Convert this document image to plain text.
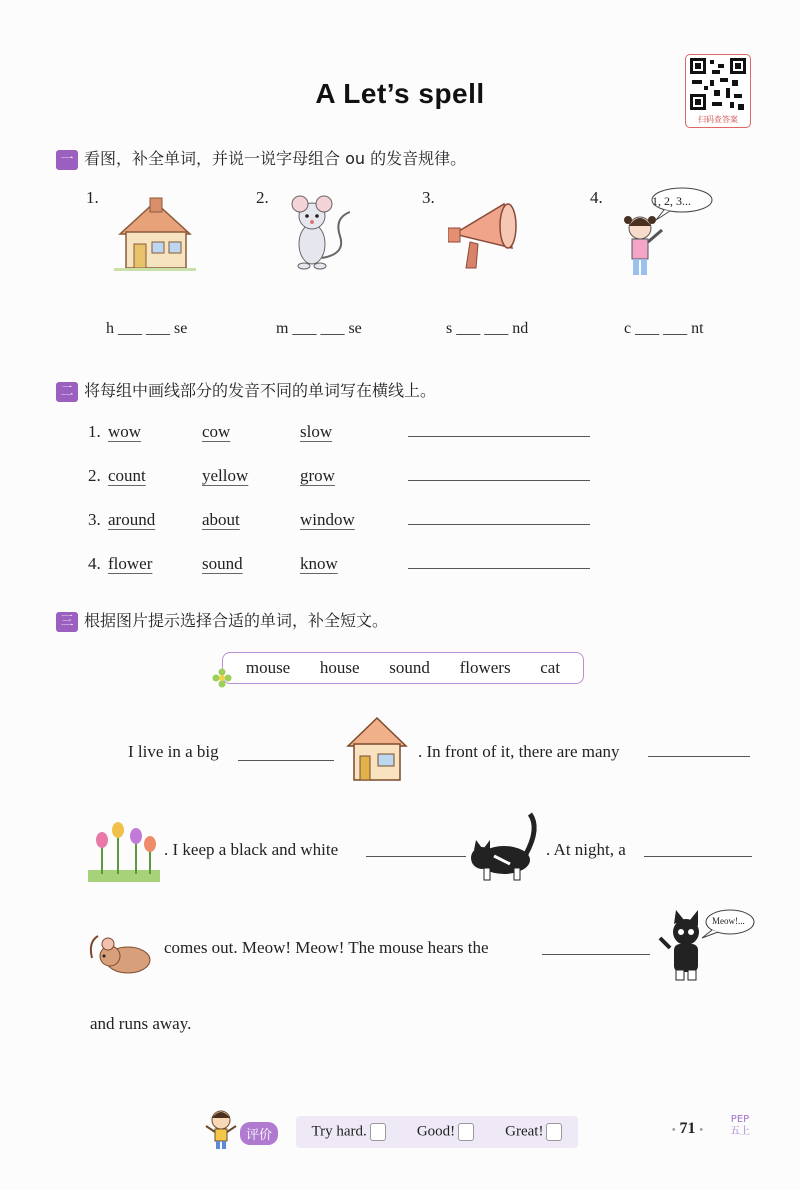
A Let’s spell
扫码查答案
一 看图，补全单词，并说一说字母组合 ou 的发音规律。
1.	2.	3.	4.	1, 2, 3...
h ___ ___ se	m ___ ___ se	s ___ ___ nd	c ___ ___ nt
二 将每组中画线部分的发音不同的单词写在横线上。
1. wow	cow	slow
2. count	yellow	grow
3. around	about	window
4. flower	sound	know
三 根据图片提示选择合适的单词，补全短文。
mouse house sound flowers cat
I live in a big	. In front of it, there are many
. I keep a black and white	. At night, a
comes out. Meow! Meow! The mouse hears the
Meow!...
and runs away.
评价	Try hard.	Good!	Great!	• 71 •
PEP
五上
